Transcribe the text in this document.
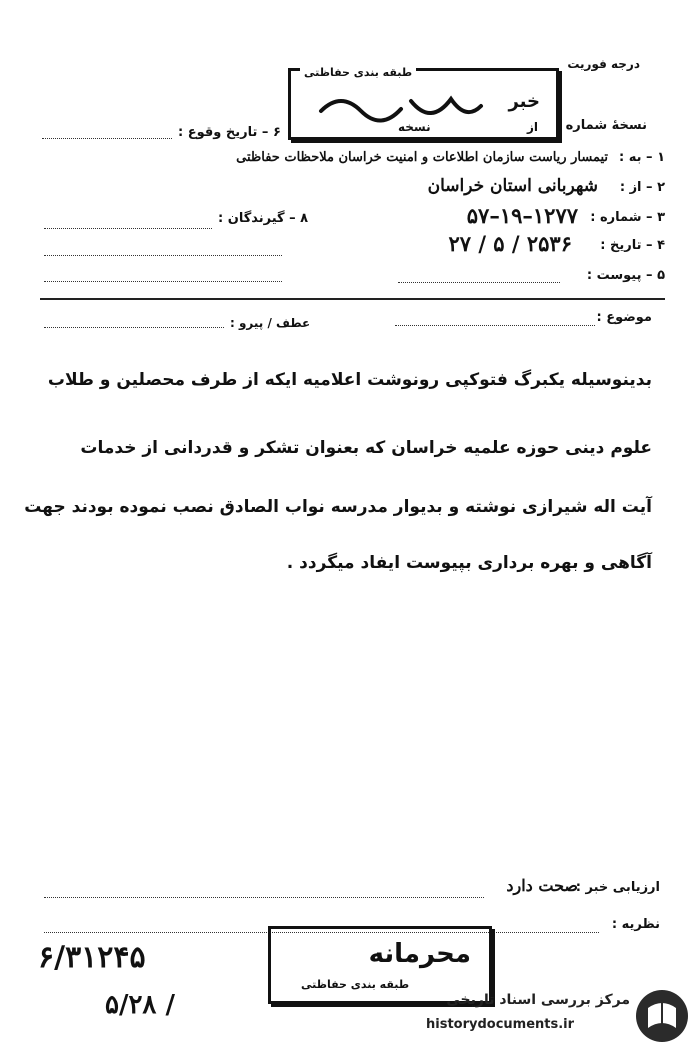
درجه فوریت
خبر
طبقه بندی حفاظتی
نسخهٔ شماره
از
نسخه
۶ – تاریخ وقوع :
۱ – به :
تیمسار ریاست سازمان اطلاعات و امنیت خراسان ملاحظات حفاظتی
۲ – از :
شهربانی استان خراسان
۳ – شماره :
۵۷–۱۹–۱۲۷۷
۴ – تاریخ :
۲۷ / ۵ / ۲۵۳۶
۵ – پیوست :
۸ – گیرندگان :
موضوع :
عطف / پیرو :
بدینوسیله یکبرگ فتوکپی رونوشت اعلامیه ایکه از طرف محصلین و طلاب
علوم دینی حوزه علمیه خراسان که بعنوان تشکر و قدردانی از خدمات
آیت اله شیرازی نوشته و بدیوار مدرسه نواب الصادق نصب نموده بودند جهت
آگاهی و بهره برداری بپیوست ایفاد میگردد .
ارزیابی خبر :
صحت دارد
نظریه :
۶/۳۱۲۴۵
۵/۲۸ /
محرمانه
طبقه بندی حفاظتی
مرکز بررسی اسناد تاریخی
historydocuments.ir
